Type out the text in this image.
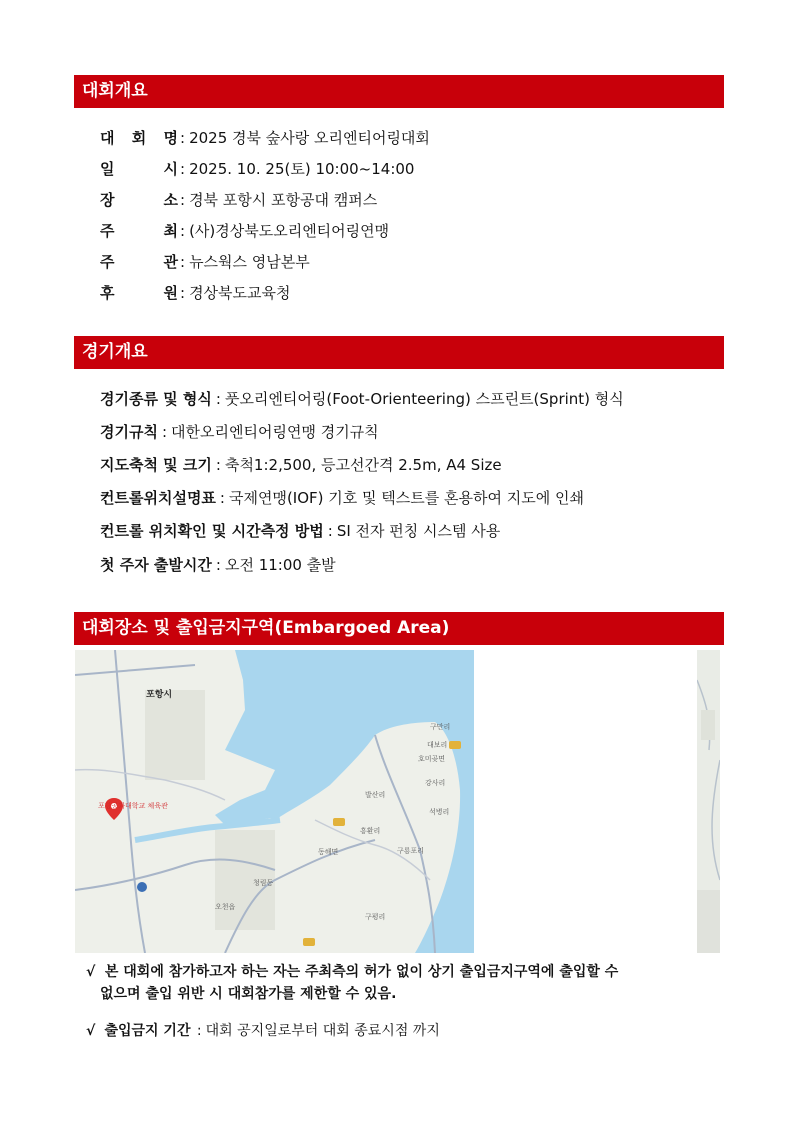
대회개요
대 회 명 : 2025 경북 숲사랑 오리엔티어링대회
일 시 : 2025. 10. 25(토) 10:00~14:00
장 소 : 경북 포항시 포항공대 캠퍼스
주 최 : (사)경상북도오리엔티어링연맹
주 관 : 뉴스웍스 영남본부
후 원 : 경상북도교육청
경기개요
경기종류 및 형식 : 풋오리엔티어링(Foot-Orienteering) 스프린트(Sprint) 형식
경기규칙 : 대한오리엔티어링연맹 경기규칙
지도축척 및 크기 : 축척1:2,500, 등고선간격 2.5m, A4 Size
컨트롤위치설명표 : 국제연맹(IOF) 기호 및 텍스트를 혼용하여 지도에 인쇄
컨트롤 위치확인 및 시간측정 방법 : SI 전자 펀칭 시스템 사용
첫 주자 출발시간 : 오전 11:00 출발
대회장소 및 출입금지구역(Embargoed Area)
포항시
포항공과대학교 체육관
구만리
대보리
호미곶면
강사리
석병리
발산리
동해면
흥환리
구룡포리
청림동
오천읍
구평리
√ 본 대회에 참가하고자 하는 자는 주최측의 허가 없이 상기 출입금지구역에 출입할 수
없으며 출입 위반 시 대회참가를 제한할 수 있음.
√ 출입금지 기간 : 대회 공지일로부터 대회 종료시점 까지
